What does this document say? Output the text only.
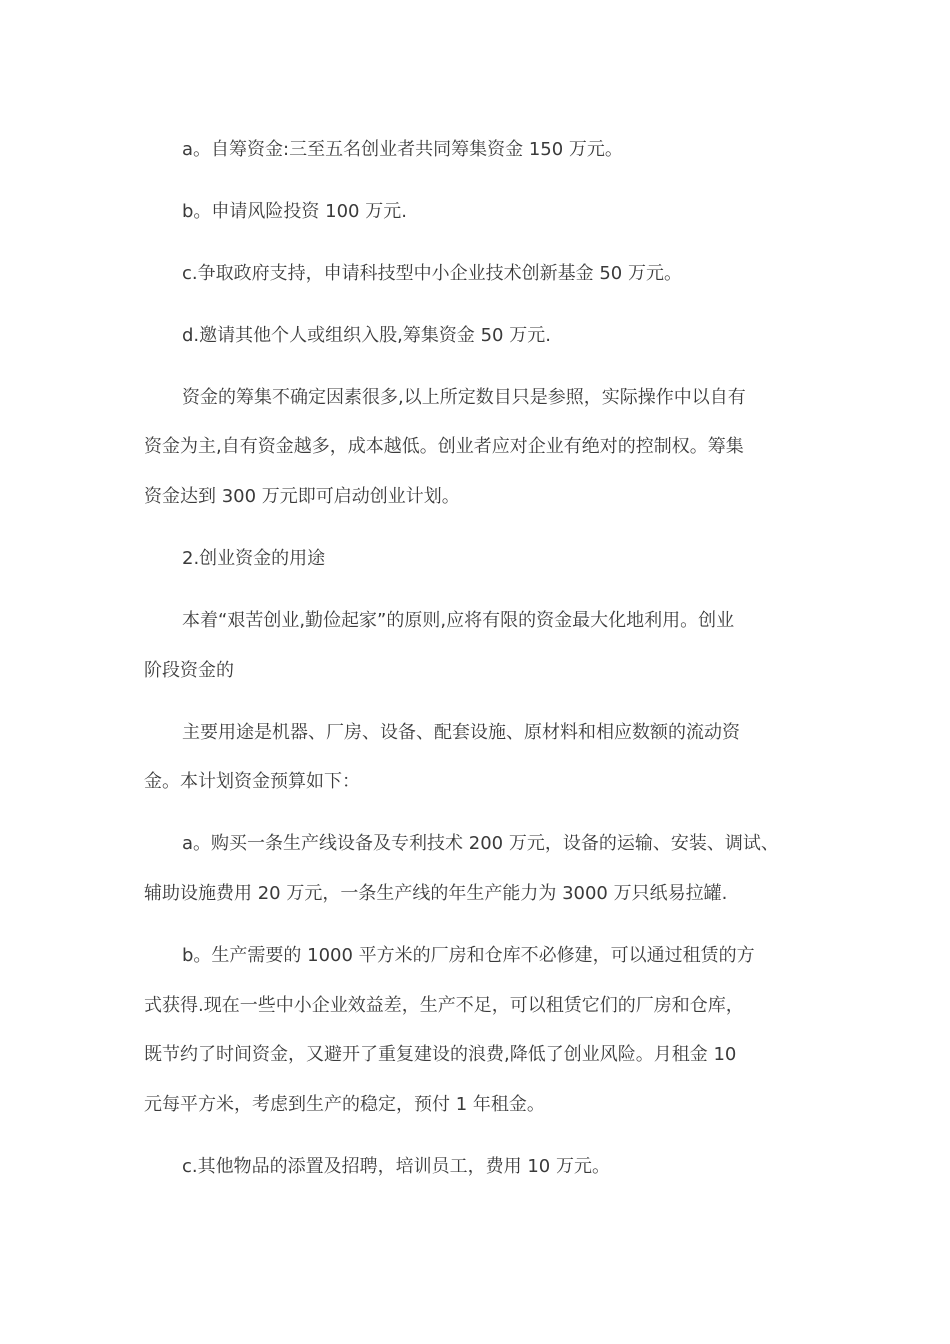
a。自筹资金:三至五名创业者共同筹集资金 150 万元。
b。申请风险投资 100 万元.
c.争取政府支持，申请科技型中小企业技术创新基金 50 万元。
d.邀请其他个人或组织入股,筹集资金 50 万元.
资金的筹集不确定因素很多,以上所定数目只是参照，实际操作中以自有
资金为主,自有资金越多，成本越低。创业者应对企业有绝对的控制权。筹集
资金达到 300 万元即可启动创业计划。
2.创业资金的用途
本着“艰苦创业,勤俭起家”的原则,应将有限的资金最大化地利用。创业
阶段资金的
主要用途是机器、厂房、设备、配套设施、原材料和相应数额的流动资
金。本计划资金预算如下：
a。购买一条生产线设备及专利技术 200 万元，设备的运输、安装、调试、
辅助设施费用 20 万元，一条生产线的年生产能力为 3000 万只纸易拉罐.
b。生产需要的 1000 平方米的厂房和仓库不必修建，可以通过租赁的方
式获得.现在一些中小企业效益差，生产不足，可以租赁它们的厂房和仓库，
既节约了时间资金，又避开了重复建设的浪费,降低了创业风险。月租金 10
元每平方米，考虑到生产的稳定，预付 1 年租金。
c.其他物品的添置及招聘，培训员工，费用 10 万元。
